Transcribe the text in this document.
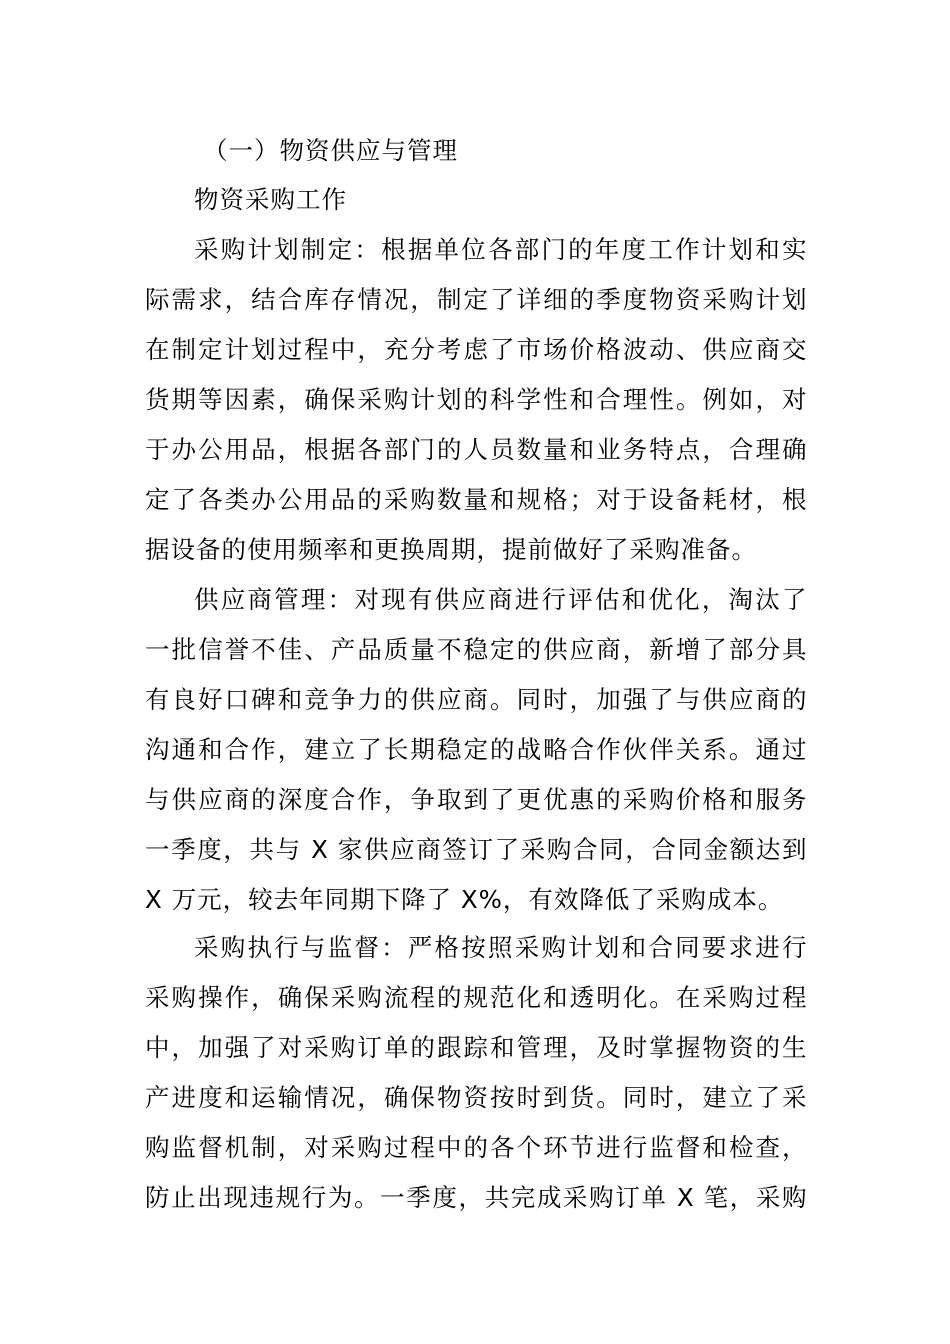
（一）物资供应与管理
物资采购工作
采购计划制定：根据单位各部门的年度工作计划和实
际需求，结合库存情况，制定了详细的季度物资采购计划
在制定计划过程中，充分考虑了市场价格波动、供应商交
货期等因素，确保采购计划的科学性和合理性。例如，对
于办公用品，根据各部门的人员数量和业务特点，合理确
定了各类办公用品的采购数量和规格；对于设备耗材，根
据设备的使用频率和更换周期，提前做好了采购准备。
供应商管理：对现有供应商进行评估和优化，淘汰了
一批信誉不佳、产品质量不稳定的供应商，新增了部分具
有良好口碑和竞争力的供应商。同时，加强了与供应商的
沟通和合作，建立了长期稳定的战略合作伙伴关系。通过
与供应商的深度合作，争取到了更优惠的采购价格和服务
一季度，共与 X 家供应商签订了采购合同，合同金额达到
X 万元，较去年同期下降了 X%，有效降低了采购成本。
采购执行与监督：严格按照采购计划和合同要求进行
采购操作，确保采购流程的规范化和透明化。在采购过程
中，加强了对采购订单的跟踪和管理，及时掌握物资的生
产进度和运输情况，确保物资按时到货。同时，建立了采
购监督机制，对采购过程中的各个环节进行监督和检查，
防止出现违规行为。一季度，共完成采购订单 X 笔，采购
